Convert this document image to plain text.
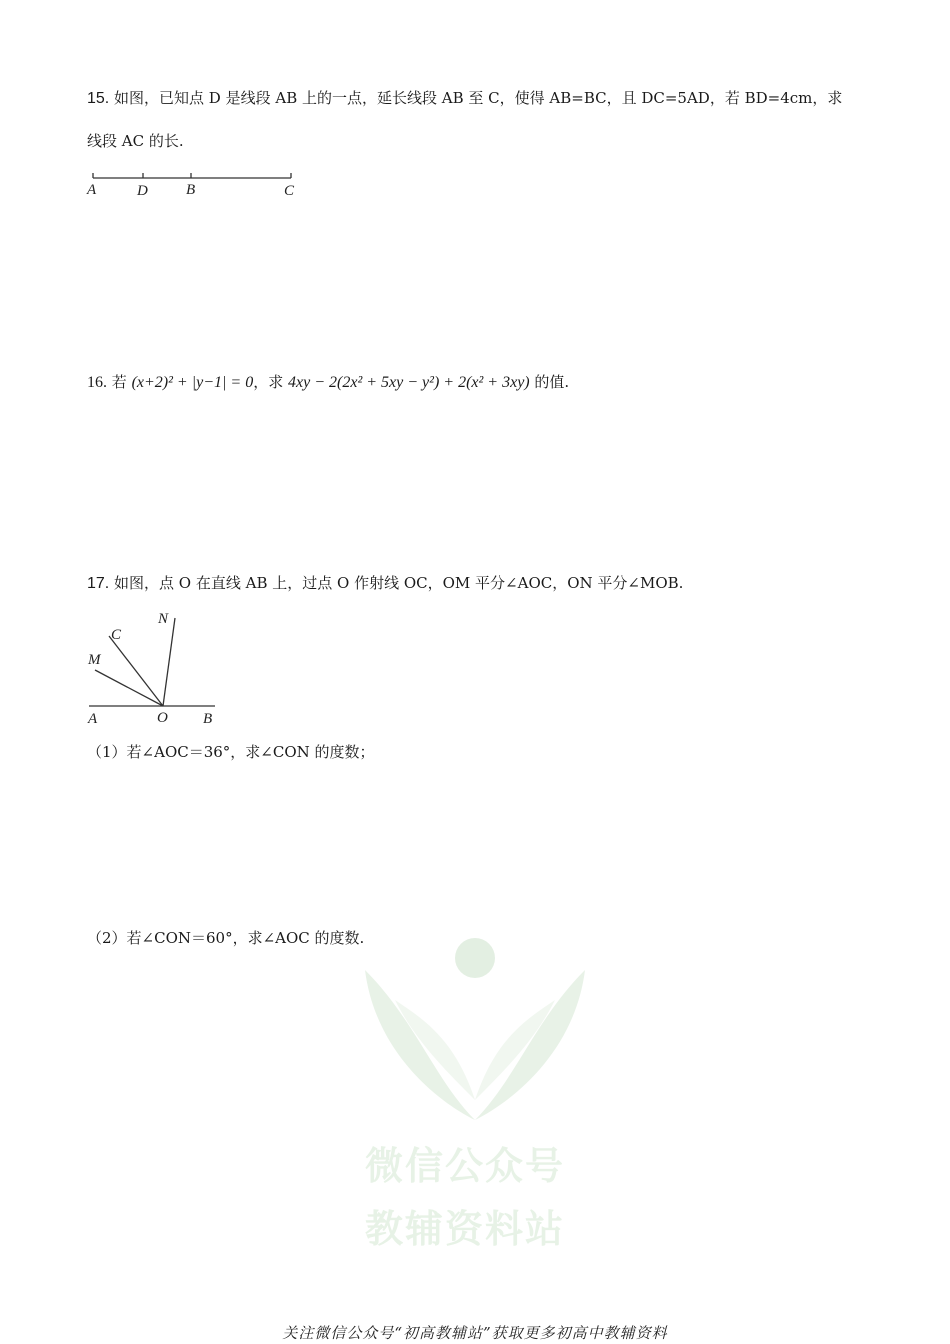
15. 如图，已知点 D 是线段 AB 上的一点，延长线段 AB 至 C，使得 AB=BC，且 DC=5AD，若 BD=4cm，求
线段 AC 的长.
A	D	B	C
16. 若 (x+2)² + |y−1| = 0，求 4xy − 2(2x² + 5xy − y²) + 2(x² + 3xy) 的值.
17. 如图，点 O 在直线 AB 上，过点 O 作射线 OC，OM 平分∠AOC，ON 平分∠MOB.
N
C
M
A	O B
（1）若∠AOC＝36°，求∠CON 的度数；
（2）若∠CON＝60°，求∠AOC 的度数.
微信公众号
教辅资料站
关注微信公众号“初高教辅站”获取更多初高中教辅资料
